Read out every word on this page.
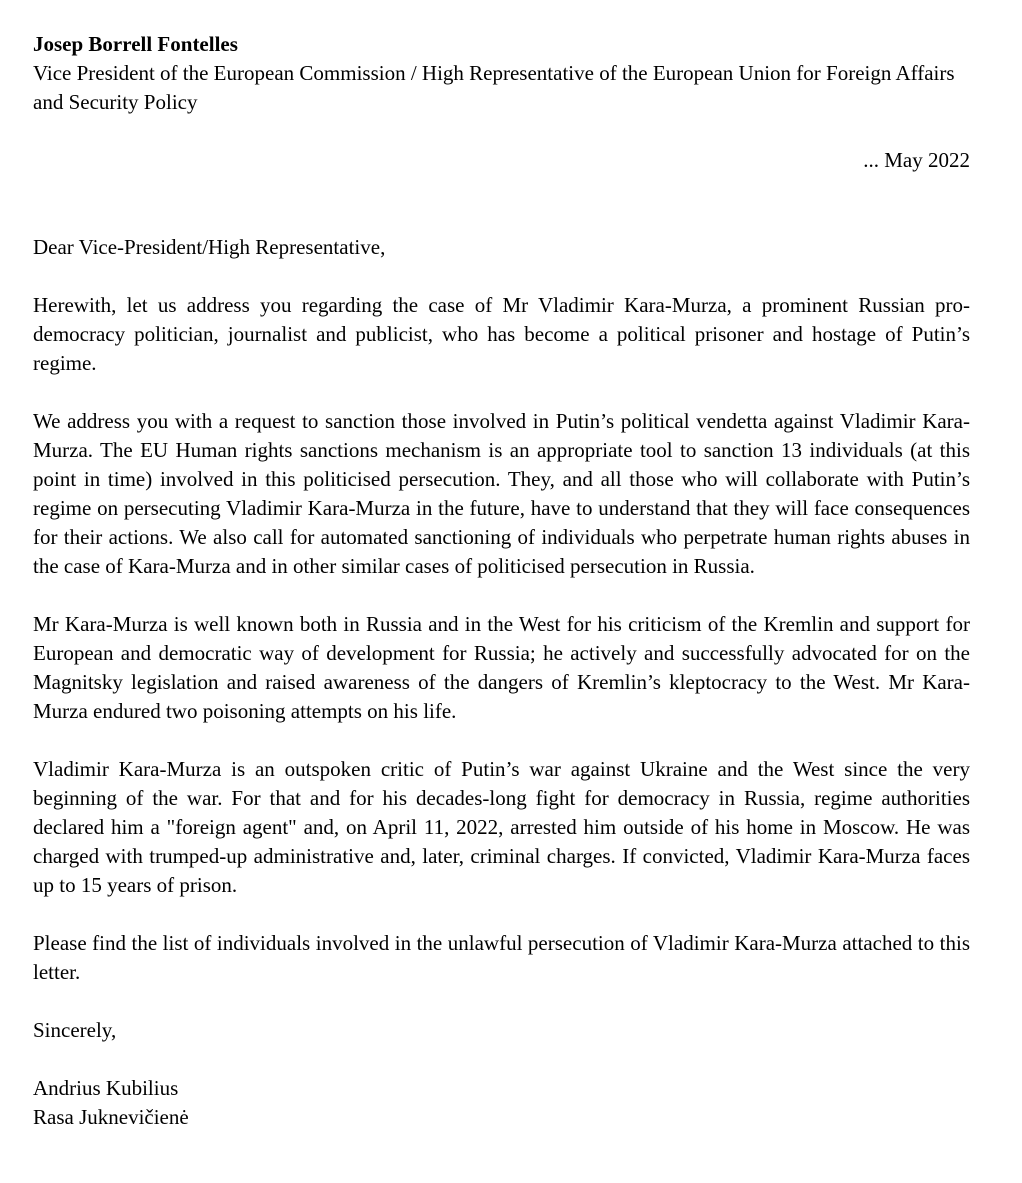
Josep Borrell Fontelles
Vice President of the European Commission / High Representative of the European Union for Foreign Affairs and Security Policy
... May 2022
Dear Vice-President/High Representative,

Herewith, let us address you regarding the case of Mr Vladimir Kara-Murza, a prominent Russian pro-democracy politician, journalist and publicist, who has become a political prisoner and hostage of Putin’s regime.

We address you with a request to sanction those involved in Putin’s political vendetta against Vladimir Kara-Murza. The EU Human rights sanctions mechanism is an appropriate tool to sanction 13 individuals (at this point in time) involved in this politicised persecution. They, and all those who will collaborate with Putin’s regime on persecuting Vladimir Kara-Murza in the future, have to understand that they will face consequences for their actions. We also call for automated sanctioning of individuals who perpetrate human rights abuses in the case of Kara-Murza and in other similar cases of politicised persecution in Russia.

Mr Kara-Murza is well known both in Russia and in the West for his criticism of the Kremlin and support for European and democratic way of development for Russia; he actively and successfully advocated for on the Magnitsky legislation and raised awareness of the dangers of Kremlin’s kleptocracy to the West. Mr Kara-Murza endured two poisoning attempts on his life.

Vladimir Kara-Murza is an outspoken critic of Putin’s war against Ukraine and the West since the very beginning of the war. For that and for his decades-long fight for democracy in Russia, regime authorities declared him a "foreign agent" and, on April 11, 2022, arrested him outside of his home in Moscow. He was charged with trumped-up administrative and, later, criminal charges. If convicted, Vladimir Kara-Murza faces up to 15 years of prison.

Please find the list of individuals involved in the unlawful persecution of Vladimir Kara-Murza attached to this letter.

Sincerely,
Andrius Kubilius
Rasa Juknevičienė
